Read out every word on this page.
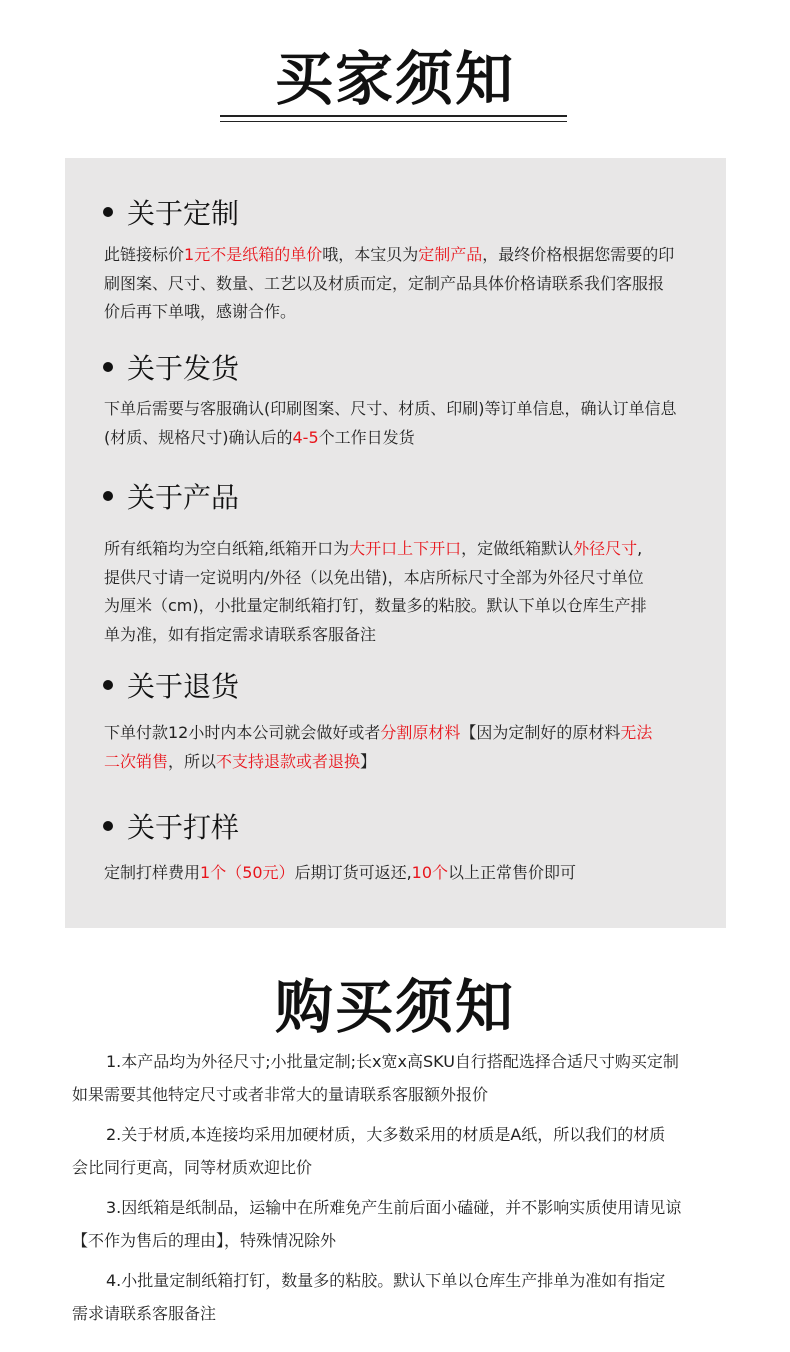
买家须知
关于定制
此链接标价1元不是纸箱的单价哦，本宝贝为定制产品，最终价格根据您需要的印
刷图案、尺寸、数量、工艺以及材质而定，定制产品具体价格请联系我们客服报
价后再下单哦，感谢合作。
关于发货
下单后需要与客服确认(印刷图案、尺寸、材质、印刷)等订单信息，确认订单信息
(材质、规格尺寸)确认后的4-5个工作日发货
关于产品
所有纸箱均为空白纸箱,纸箱开口为大开口上下开口，定做纸箱默认外径尺寸,
提供尺寸请一定说明内/外径（以免出错)，本店所标尺寸全部为外径尺寸单位
为厘米（cm)，小批量定制纸箱打钉，数量多的粘胶。默认下单以仓库生产排
单为准，如有指定需求请联系客服备注
关于退货
下单付款12小时内本公司就会做好或者分割原材料【因为定制好的原材料无法
二次销售，所以不支持退款或者退换】
关于打样
定制打样费用1个（50元）后期订货可返还,10个以上正常售价即可
购买须知
1.本产品均为外径尺寸;小批量定制;长x宽x高SKU自行搭配选择合适尺寸购买定制
如果需要其他特定尺寸或者非常大的量请联系客服额外报价
2.关于材质,本连接均采用加硬材质，大多数采用的材质是A纸，所以我们的材质
会比同行更高，同等材质欢迎比价
3.因纸箱是纸制品，运输中在所难免产生前后面小磕碰，并不影响实质使用请见谅
【不作为售后的理由】，特殊情况除外
4.小批量定制纸箱打钉，数量多的粘胶。默认下单以仓库生产排单为准如有指定
需求请联系客服备注
